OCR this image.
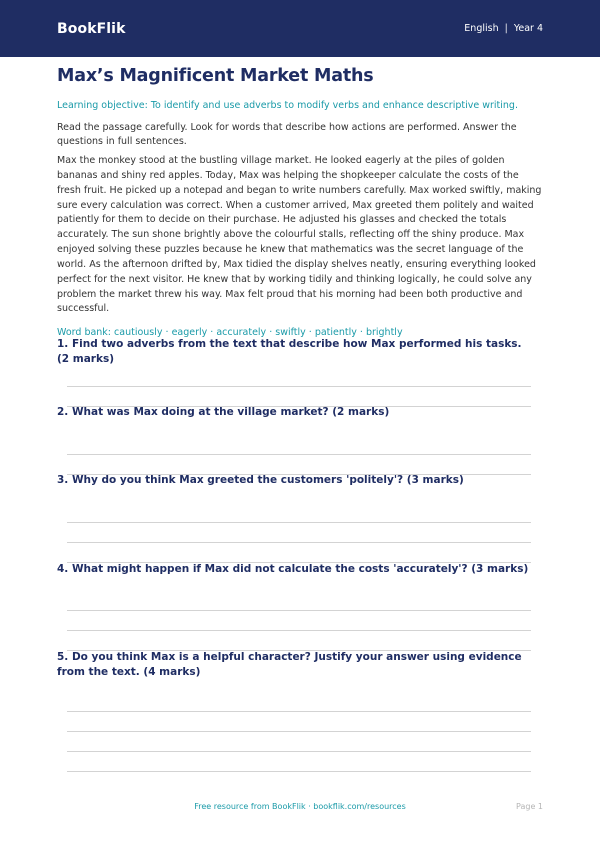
BookFlik	English | Year 4
Max’s Magnificent Market Maths

Learning objective: To identify and use adverbs to modify verbs and enhance descriptive writing.

Read the passage carefully. Look for words that describe how actions are performed. Answer the questions in full sentences.

Max the monkey stood at the bustling village market. He looked eagerly at the piles of golden bananas and shiny red apples. Today, Max was helping the shopkeeper calculate the costs of the fresh fruit. He picked up a notepad and began to write numbers carefully. Max worked swiftly, making sure every calculation was correct. When a customer arrived, Max greeted them politely and waited patiently for them to decide on their purchase. He adjusted his glasses and checked the totals accurately. The sun shone brightly above the colourful stalls, reflecting off the shiny produce. Max enjoyed solving these puzzles because he knew that mathematics was the secret language of the world. As the afternoon drifted by, Max tidied the display shelves neatly, ensuring everything looked perfect for the next visitor. He knew that by working tidily and thinking logically, he could solve any problem the market threw his way. Max felt proud that his morning had been both productive and successful.

Word bank: cautiously · eagerly · accurately · swiftly · patiently · brightly

1. Find two adverbs from the text that describe how Max performed his tasks. (2 marks)

2. What was Max doing at the village market? (2 marks)

3. Why do you think Max greeted the customers 'politely'? (3 marks)

4. What might happen if Max did not calculate the costs 'accurately'? (3 marks)

5. Do you think Max is a helpful character? Justify your answer using evidence from the text. (4 marks)

Free resource from BookFlik · bookflik.com/resources	Page 1
